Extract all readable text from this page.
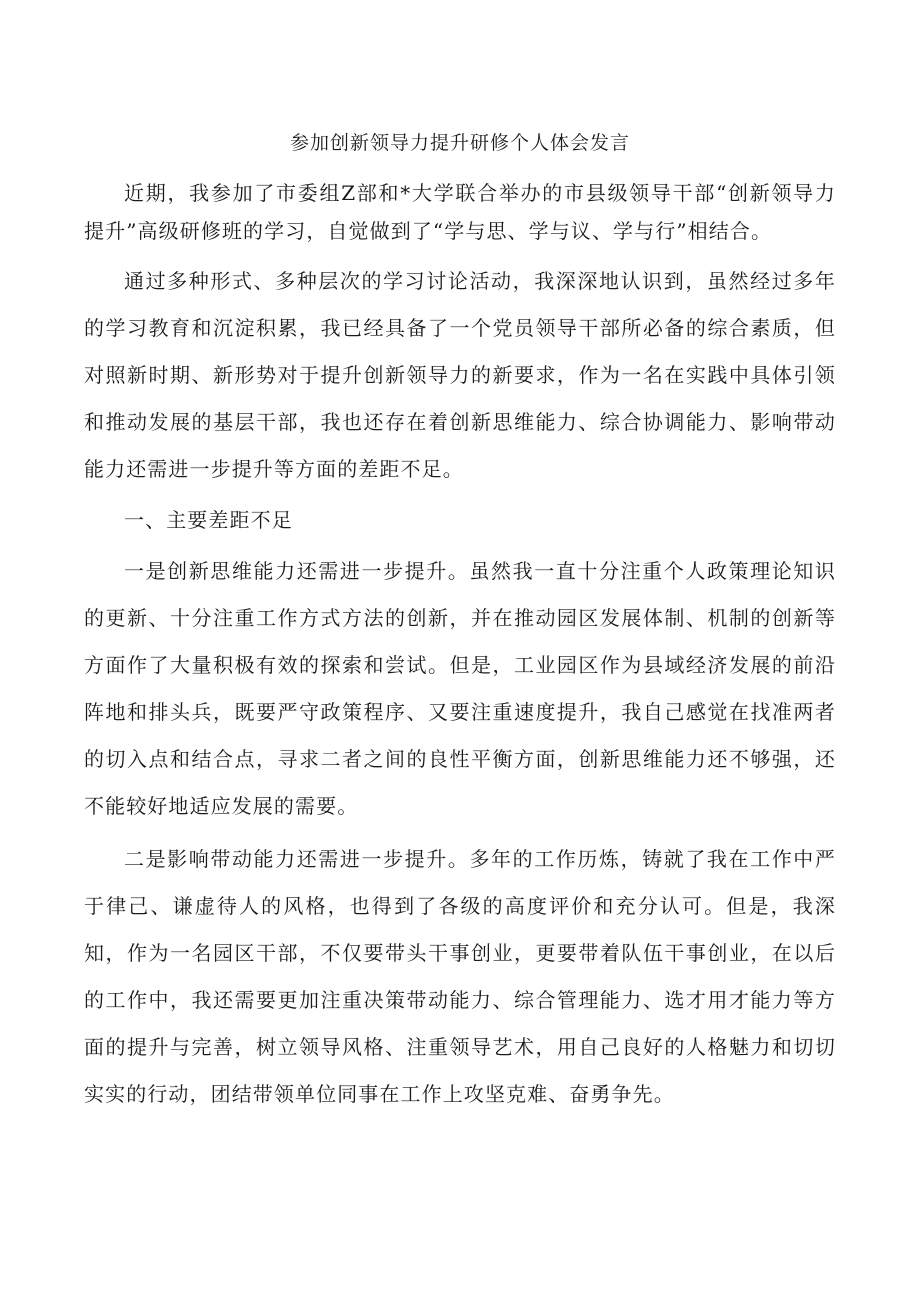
参加创新领导力提升研修个人体会发言

近期，我参加了市委组Z部和*大学联合举办的市县级领导干部“创新领导力提升”高级研修班的学习，自觉做到了“学与思、学与议、学与行”相结合。

通过多种形式、多种层次的学习讨论活动，我深深地认识到，虽然经过多年的学习教育和沉淀积累，我已经具备了一个党员领导干部所必备的综合素质，但对照新时期、新形势对于提升创新领导力的新要求，作为一名在实践中具体引领和推动发展的基层干部，我也还存在着创新思维能力、综合协调能力、影响带动能力还需进一步提升等方面的差距不足。

一、主要差距不足

一是创新思维能力还需进一步提升。虽然我一直十分注重个人政策理论知识的更新、十分注重工作方式方法的创新，并在推动园区发展体制、机制的创新等方面作了大量积极有效的探索和尝试。但是，工业园区作为县域经济发展的前沿阵地和排头兵，既要严守政策程序、又要注重速度提升，我自己感觉在找准两者的切入点和结合点，寻求二者之间的良性平衡方面，创新思维能力还不够强，还不能较好地适应发展的需要。

二是影响带动能力还需进一步提升。多年的工作历炼，铸就了我在工作中严于律己、谦虚待人的风格，也得到了各级的高度评价和充分认可。但是，我深知，作为一名园区干部，不仅要带头干事创业，更要带着队伍干事创业，在以后的工作中，我还需要更加注重决策带动能力、综合管理能力、选才用才能力等方面的提升与完善，树立领导风格、注重领导艺术，用自己良好的人格魅力和切切实实的行动，团结带领单位同事在工作上攻坚克难、奋勇争先。
